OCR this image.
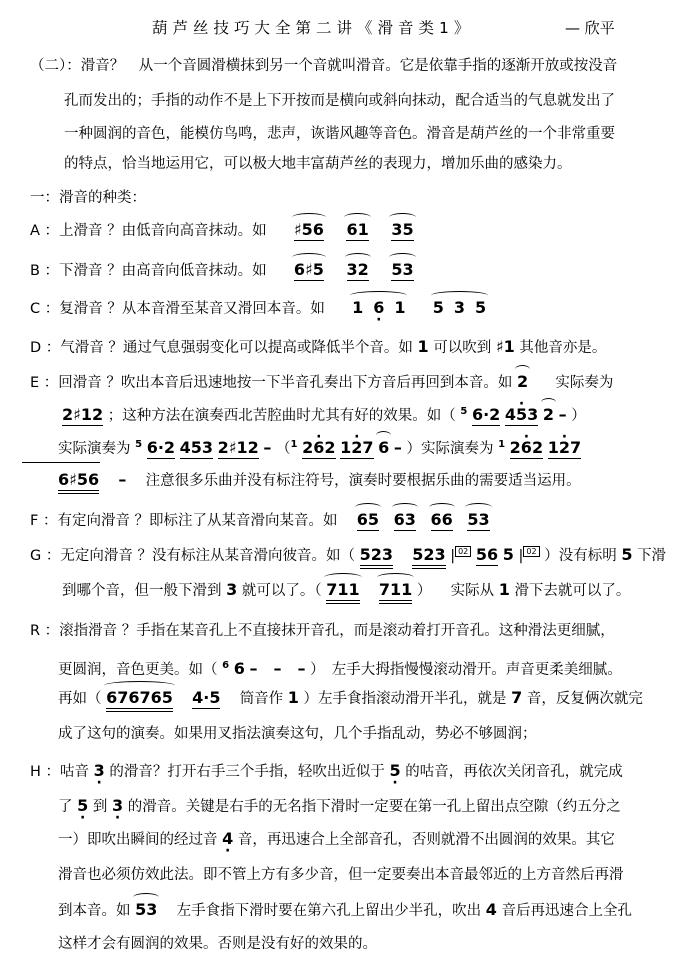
葫芦丝技巧大全第二讲《滑音类1》	— 欣平
（二）：滑音？　从一个音圆滑横抹到另一个音就叫滑音。它是依靠手指的逐渐开放或按没音
孔而发出的；手指的动作不是上下开按而是横向或斜向抹动，配合适当的气息就发出了
一种圆润的音色，能模仿鸟鸣，悲声，诙谐风趣等音色。滑音是葫芦丝的一个非常重要
的特点，恰当地运用它，可以极大地丰富葫芦丝的表现力，增加乐曲的感染力。
一：滑音的种类：
A ：上滑音 ？由低音向高音抹动。如 ♯56 61 35
B ：下滑音 ？由高音向低音抹动。如 6♯5 32 53
C ：复滑音 ？从本音滑至某音又滑回本音。如 1 6 · 1 5 3 5
D ：气滑音 ？通过气息强弱变化可以提高或降低半个音。如 1 可以吹到 ♯1 其他音亦是。
E ：回滑音 ？吹出本音后迅速地按一下半音孔奏出下方音后再回到本音。如 2 实际奏为
2♯12 ；这种方法在演奏西北苦腔曲时尤其有好的效果。如（ $^5$ 6·2 453 · 2 – ）
实际演奏为 $^5$ 6·2 453 2♯12 – （$^1$ 262 · 127 · 6 – ）实际演奏为 $^1$ 262 · 127 ·
6♯56 – 注意很多乐曲并没有标注符号，演奏时要根据乐曲的需要适当运用。
F ：有定向滑音 ？即标注了从某音滑向某音。如 65 63 66 53
G ：无定向滑音 ？没有标注从某音滑向彼音。如（ 523 523 | 02 56 5 | 02 ）没有标明 5 下滑
到哪个音，但一般下滑到 3 就可以了。（ 711 711 ） 实际从 1 滑下去就可以了。
R ：滚指滑音 ？手指在某音孔上不直接抹开音孔，而是滚动着打开音孔。这种滑法更细腻，
更圆润，音色更美。如（ $^6$ 6 –　–　– ）　左手大拇指慢慢滚动滑开。声音更柔美细腻。
再如（ 676765 4·5 筒音作 1 ）左手食指滚动滑开半孔，就是 7 音，反复俩次就完
成了这句的演奏。如果用叉指法演奏这句，几个手指乱动，势必不够圆润；
H ：咕音 3 · 的滑音？打开右手三个手指，轻吹出近似于 5 · 的咕音，再依次关闭音孔，就完成
了 5 · 到 3 · 的滑音。关键是右手的无名指下滑时一定要在第一孔上留出点空隙（约五分之
一）即吹出瞬间的经过音 4 · 音，再迅速合上全部音孔，否则就滑不出圆润的效果。其它
滑音也必须仿效此法。即不管上方有多少音，但一定要奏出本音最邻近的上方音然后再滑
到本音。如 53 左手食指下滑时要在第六孔上留出少半孔，吹出 4 音后再迅速合上全孔
这样才会有圆润的效果。否则是没有好的效果的。
